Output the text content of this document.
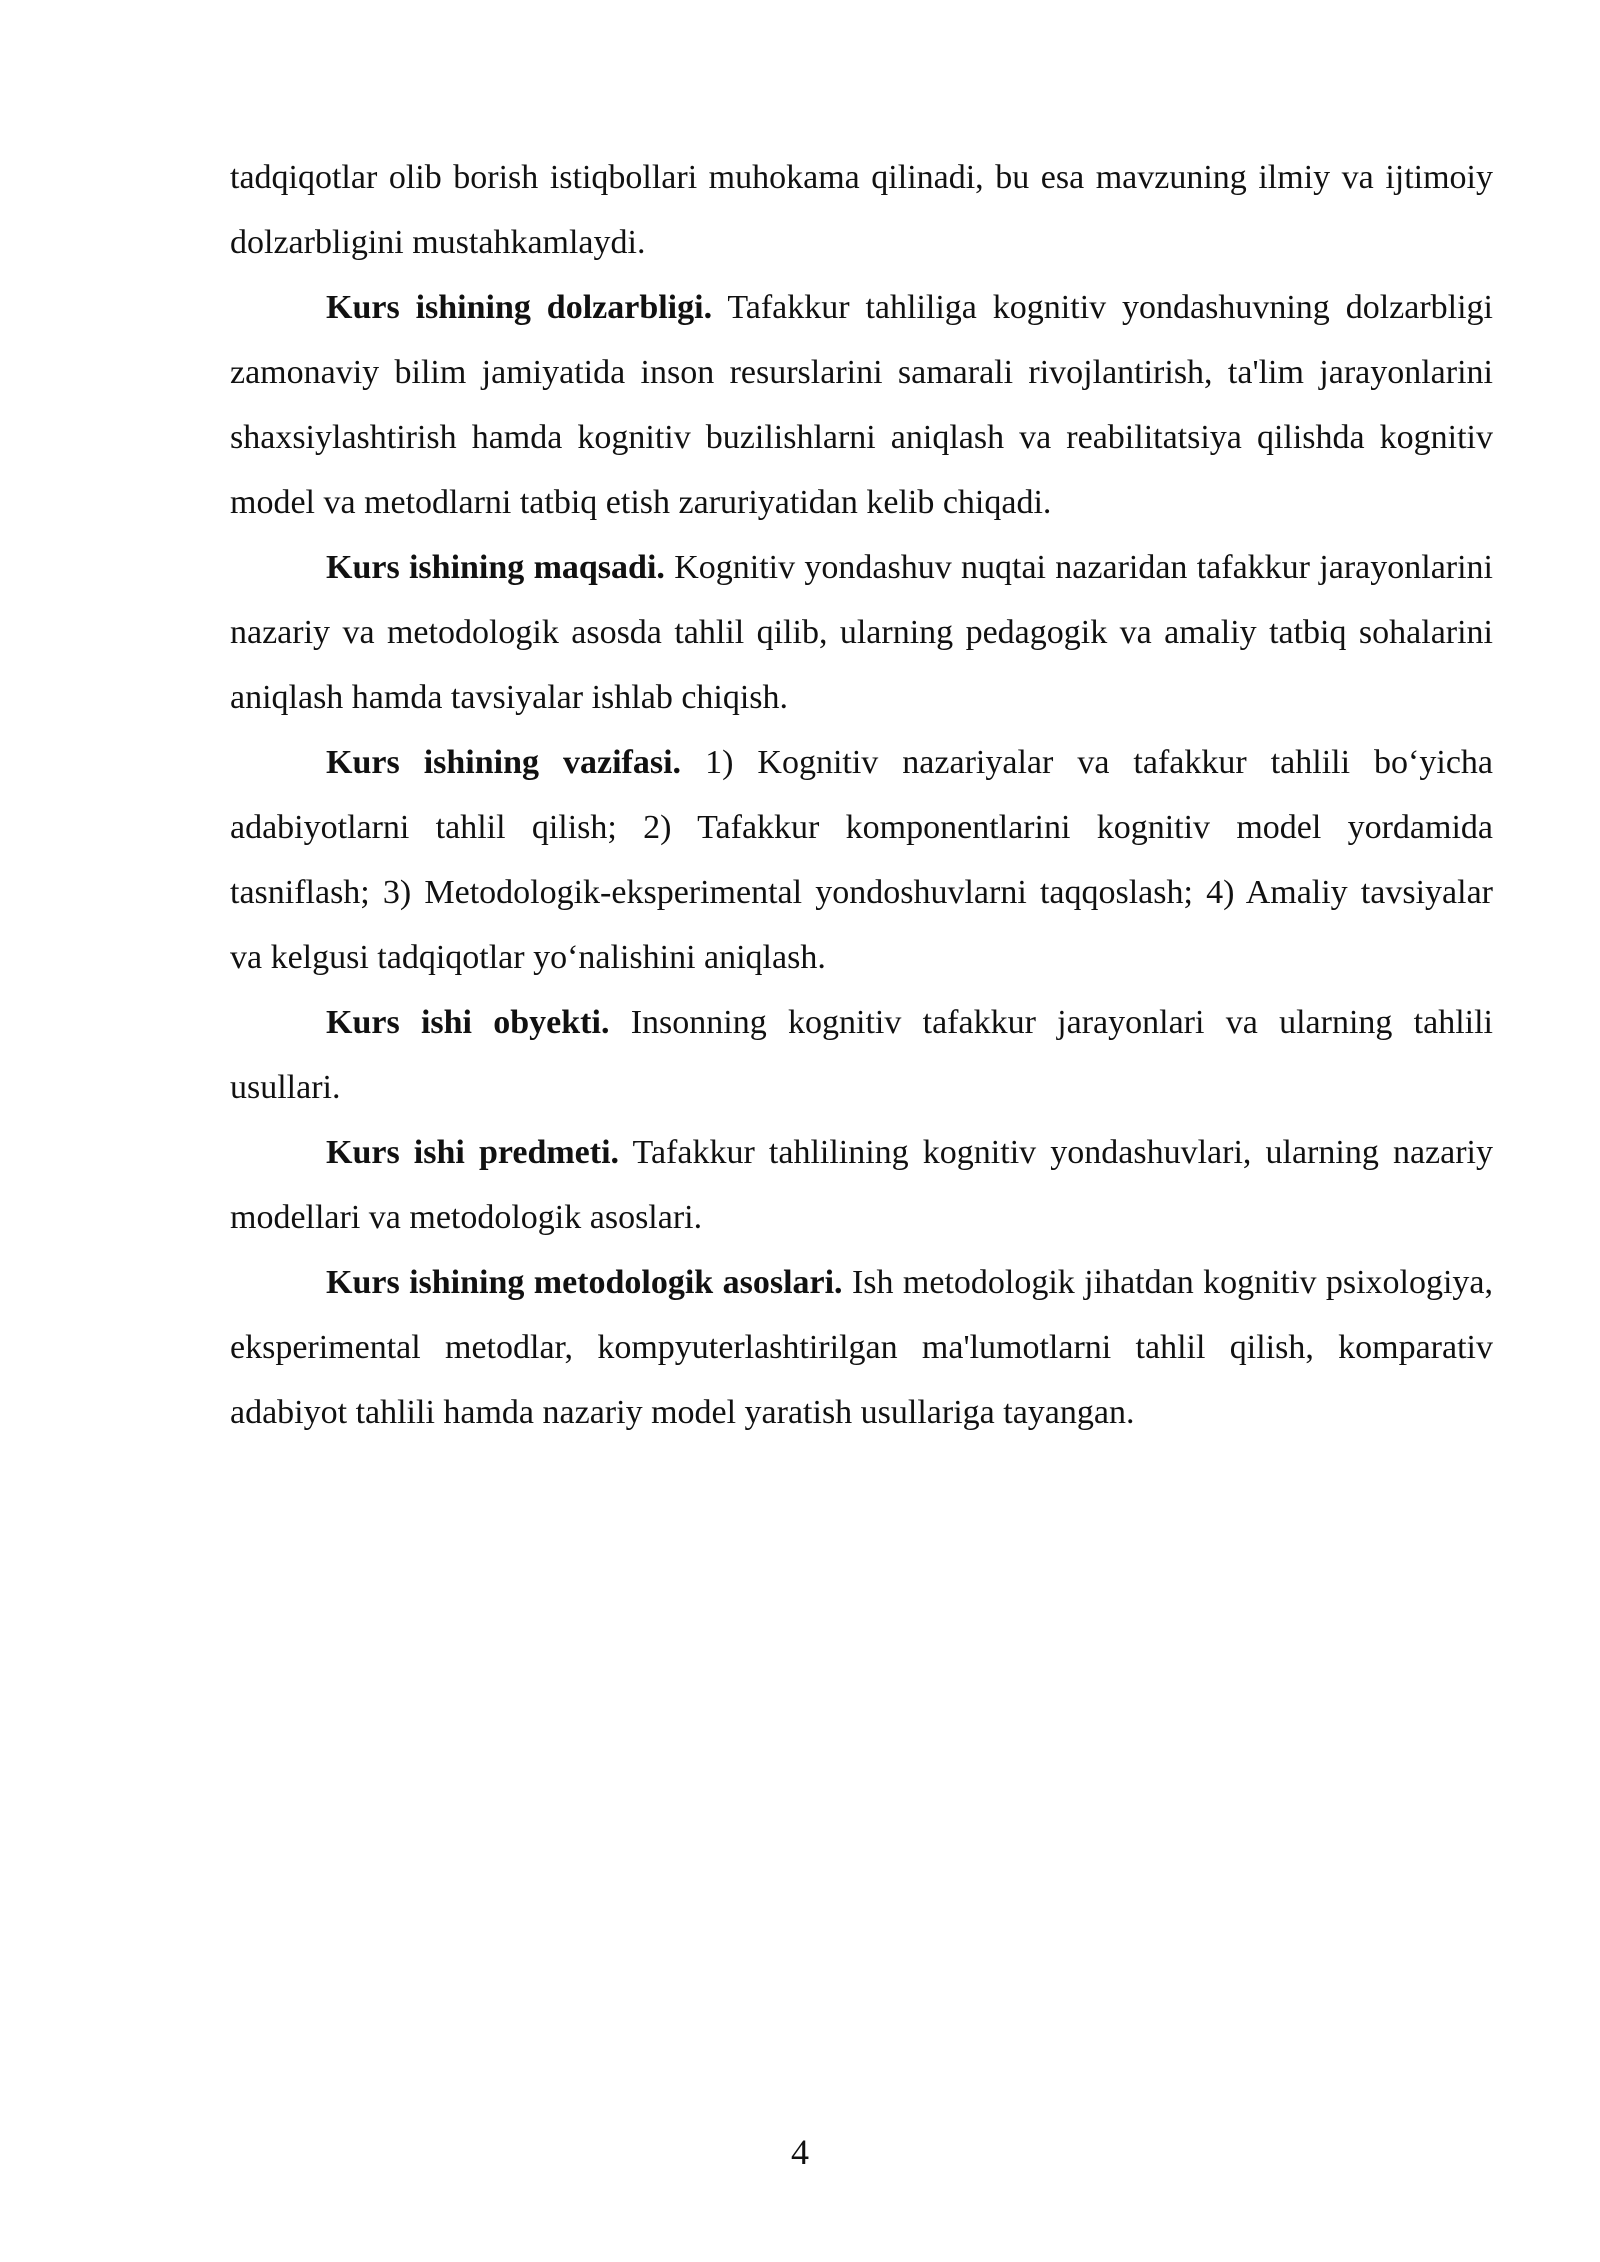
tadqiqotlar olib borish istiqbollari muhokama qilinadi, bu esa mavzuning ilmiy va ijtimoiy dolzarbligini mustahkamlaydi.

Kurs ishining dolzarbligi. Tafakkur tahliliga kognitiv yondashuvning dolzarbligi zamonaviy bilim jamiyatida inson resurslarini samarali rivojlantirish, ta'lim jarayonlarini shaxsiylashtirish hamda kognitiv buzilishlarni aniqlash va reabilitatsiya qilishda kognitiv model va metodlarni tatbiq etish zaruriyatidan kelib chiqadi.

Kurs ishining maqsadi. Kognitiv yondashuv nuqtai nazaridan tafakkur jarayonlarini nazariy va metodologik asosda tahlil qilib, ularning pedagogik va amaliy tatbiq sohalarini aniqlash hamda tavsiyalar ishlab chiqish.

Kurs ishining vazifasi. 1) Kognitiv nazariyalar va tafakkur tahlili boʻyicha adabiyotlarni tahlil qilish; 2) Tafakkur komponentlarini kognitiv model yordamida tasniflash; 3) Metodologik-eksperimental yondoshuvlarni taqqoslash; 4) Amaliy tavsiyalar va kelgusi tadqiqotlar yoʻnalishini aniqlash.

Kurs ishi obyekti. Insonning kognitiv tafakkur jarayonlari va ularning tahlili usullari.

Kurs ishi predmeti. Tafakkur tahlilining kognitiv yondashuvlari, ularning nazariy modellari va metodologik asoslari.

Kurs ishining metodologik asoslari. Ish metodologik jihatdan kognitiv psixologiya, eksperimental metodlar, kompyuterlashtirilgan ma'lumotlarni tahlil qilish, komparativ adabiyot tahlili hamda nazariy model yaratish usullariga tayangan.

4
